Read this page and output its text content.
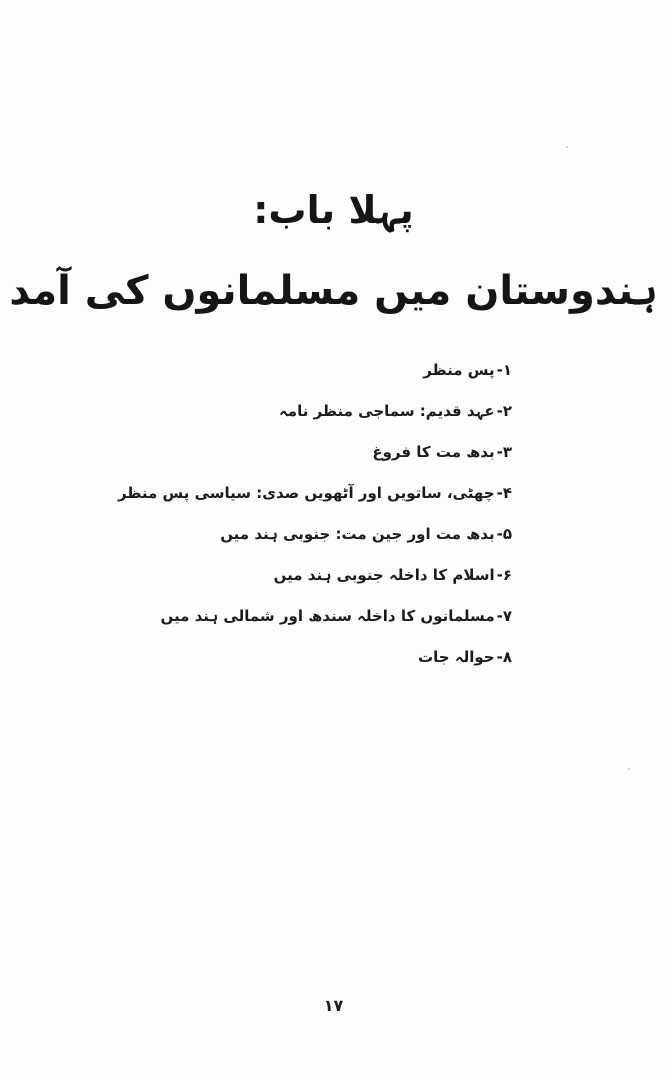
پہلا باب:
ہندوستان میں مسلمانوں کی آمد
۱-پس منظر
۲-عہد قدیم: سماجی منظر نامہ
۳-بدھ مت کا فروغ
۴-چھٹی، ساتویں اور آٹھویں صدی: سیاسی پس منظر
۵-بدھ مت اور جین مت: جنوبی ہند میں
۶-اسلام کا داخلہ جنوبی ہند میں
۷-مسلمانوں کا داخلہ سندھ اور شمالی ہند میں
۸-حوالہ جات
۱۷
